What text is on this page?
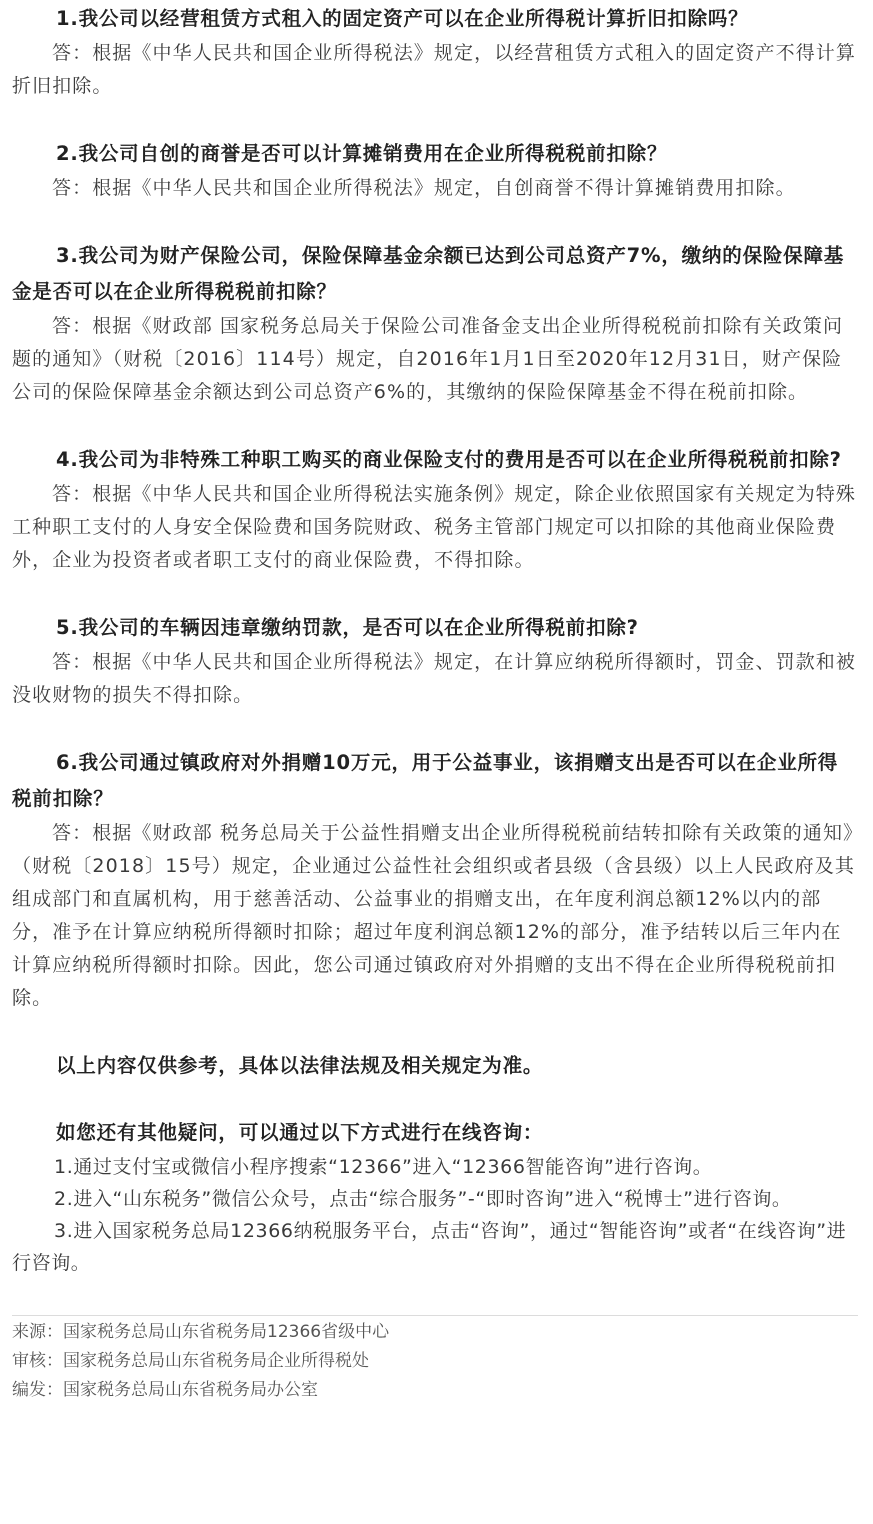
1.我公司以经营租赁方式租入的固定资产可以在企业所得税计算折旧扣除吗？

答：根据《中华人民共和国企业所得税法》规定，以经营租赁方式租入的固定资产不得计算折旧扣除。

2.我公司自创的商誉是否可以计算摊销费用在企业所得税税前扣除？

答：根据《中华人民共和国企业所得税法》规定，自创商誉不得计算摊销费用扣除。

3.我公司为财产保险公司，保险保障基金余额已达到公司总资产7%，缴纳的保险保障基金是否可以在企业所得税税前扣除？

答：根据《财政部 国家税务总局关于保险公司准备金支出企业所得税税前扣除有关政策问题的通知》（财税〔2016〕114号）规定，自2016年1月1日至2020年12月31日，财产保险公司的保险保障基金余额达到公司总资产6%的，其缴纳的保险保障基金不得在税前扣除。

4.我公司为非特殊工种职工购买的商业保险支付的费用是否可以在企业所得税税前扣除?

答：根据《中华人民共和国企业所得税法实施条例》规定，除企业依照国家有关规定为特殊工种职工支付的人身安全保险费和国务院财政、税务主管部门规定可以扣除的其他商业保险费外，企业为投资者或者职工支付的商业保险费，不得扣除。

5.我公司的车辆因违章缴纳罚款，是否可以在企业所得税前扣除?

答：根据《中华人民共和国企业所得税法》规定，在计算应纳税所得额时，罚金、罚款和被没收财物的损失不得扣除。

6.我公司通过镇政府对外捐赠10万元，用于公益事业，该捐赠支出是否可以在企业所得税前扣除？

答：根据《财政部 税务总局关于公益性捐赠支出企业所得税税前结转扣除有关政策的通知》（财税〔2018〕15号）规定，企业通过公益性社会组织或者县级（含县级）以上人民政府及其组成部门和直属机构，用于慈善活动、公益事业的捐赠支出，在年度利润总额12%以内的部分，准予在计算应纳税所得额时扣除；超过年度利润总额12%的部分，准予结转以后三年内在计算应纳税所得额时扣除。因此，您公司通过镇政府对外捐赠的支出不得在企业所得税税前扣除。

以上内容仅供参考，具体以法律法规及相关规定为准。

如您还有其他疑问，可以通过以下方式进行在线咨询：

1.通过支付宝或微信小程序搜索“12366”进入“12366智能咨询”进行咨询。

2.进入“山东税务”微信公众号，点击“综合服务”-“即时咨询”进入“税博士”进行咨询。

3.进入国家税务总局12366纳税服务平台，点击“咨询”，通过“智能咨询”或者“在线咨询”进行咨询。

来源：国家税务总局山东省税务局12366省级中心

审核：国家税务总局山东省税务局企业所得税处

编发：国家税务总局山东省税务局办公室
